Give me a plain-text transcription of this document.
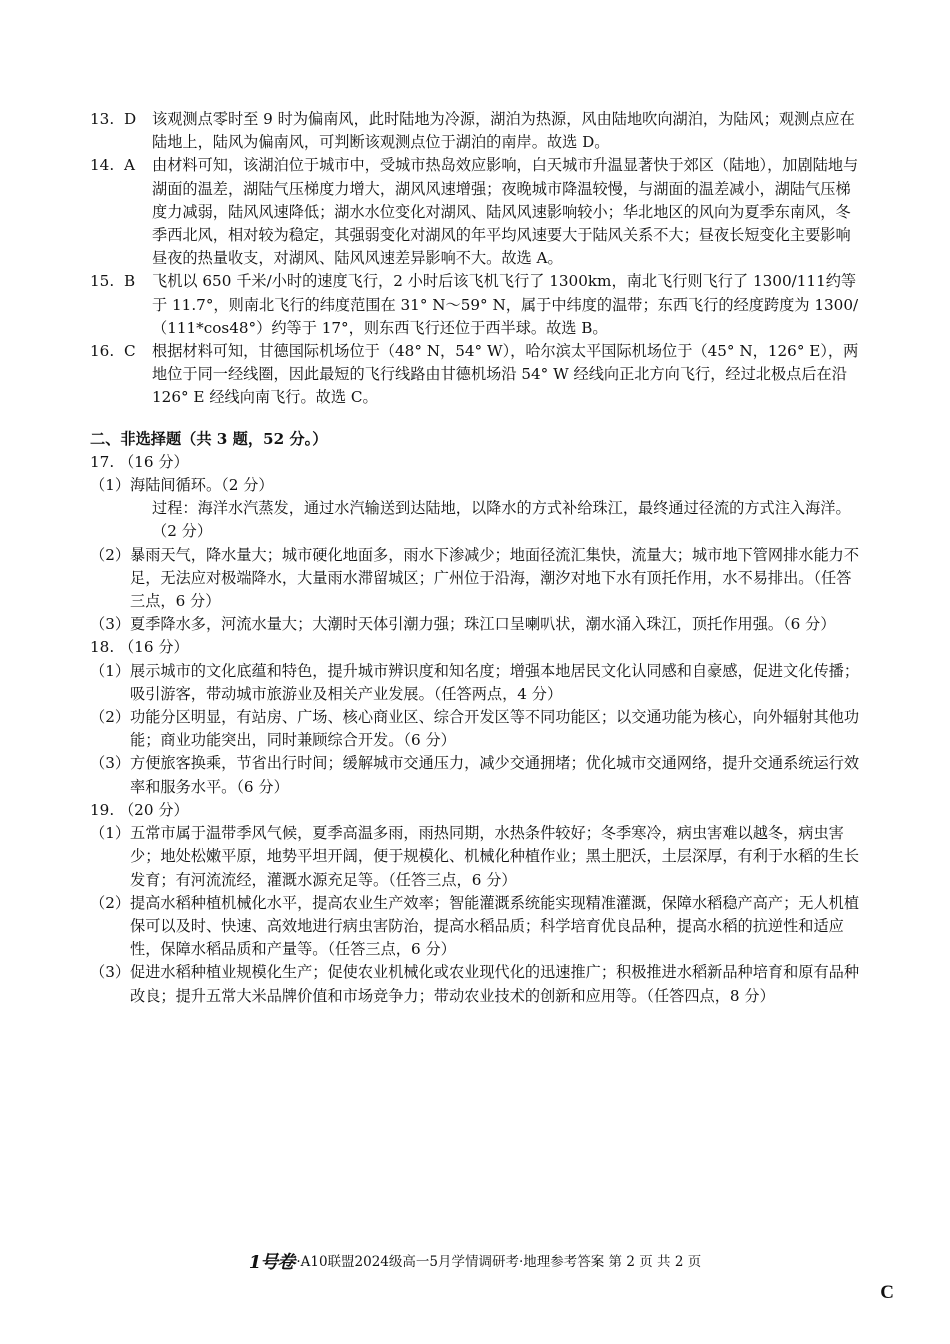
13. D 该观测点零时至 9 时为偏南风，此时陆地为冷源，湖泊为热源，风由陆地吹向湖泊，为陆风；观测点应在陆地上，陆风为偏南风，可判断该观测点位于湖泊的南岸。故选 D。
14. A 由材料可知，该湖泊位于城市中，受城市热岛效应影响，白天城市升温显著快于郊区（陆地），加剧陆地与湖面的温差，湖陆气压梯度力增大，湖风风速增强；夜晚城市降温较慢，与湖面的温差减小，湖陆气压梯度力减弱，陆风风速降低；湖水水位变化对湖风、陆风风速影响较小；华北地区的风向为夏季东南风，冬季西北风，相对较为稳定，其强弱变化对湖风的年平均风速要大于陆风关系不大；昼夜长短变化主要影响昼夜的热量收支，对湖风、陆风风速差异影响不大。故选 A。
15. B 飞机以 650 千米/小时的速度飞行，2 小时后该飞机飞行了 1300km，南北飞行则飞行了 1300/111约等于 11.7°，则南北飞行的纬度范围在 31° N～59° N，属于中纬度的温带；东西飞行的经度跨度为 1300/（111*cos48°）约等于 17°，则东西飞行还位于西半球。故选 B。
16. C 根据材料可知，甘德国际机场位于（48° N，54° W），哈尔滨太平国际机场位于（45° N，126° E），两地位于同一经线圈，因此最短的飞行线路由甘德机场沿 54° W 经线向正北方向飞行，经过北极点后在沿 126° E 经线向南飞行。故选 C。

二、非选择题（共 3 题，52 分。）

17. （16 分）

（1） 海陆间循环。（2 分）

过程：海洋水汽蒸发，通过水汽输送到达陆地，以降水的方式补给珠江，最终通过径流的方式注入海洋。（2 分）

（2） 暴雨天气，降水量大；城市硬化地面多，雨水下渗减少；地面径流汇集快，流量大；城市地下管网排水能力不足，无法应对极端降水，大量雨水滞留城区；广州位于沿海，潮汐对地下水有顶托作用，水不易排出。（任答三点，6 分）
（3） 夏季降水多，河流水量大；大潮时天体引潮力强；珠江口呈喇叭状，潮水涌入珠江，顶托作用强。（6 分）

18. （16 分）

（1） 展示城市的文化底蕴和特色，提升城市辨识度和知名度；增强本地居民文化认同感和自豪感，促进文化传播；吸引游客，带动城市旅游业及相关产业发展。（任答两点，4 分）
（2） 功能分区明显，有站房、广场、核心商业区、综合开发区等不同功能区；以交通功能为核心，向外辐射其他功能；商业功能突出，同时兼顾综合开发。（6 分）
（3） 方便旅客换乘，节省出行时间；缓解城市交通压力，减少交通拥堵；优化城市交通网络，提升交通系统运行效率和服务水平。（6 分）

19. （20 分）

（1） 五常市属于温带季风气候，夏季高温多雨，雨热同期，水热条件较好；冬季寒冷，病虫害难以越冬，病虫害少；地处松嫩平原，地势平坦开阔，便于规模化、机械化种植作业；黑土肥沃，土层深厚，有利于水稻的生长发育；有河流流经，灌溉水源充足等。（任答三点，6 分）
（2） 提高水稻种植机械化水平，提高农业生产效率；智能灌溉系统能实现精准灌溉，保障水稻稳产高产；无人机植保可以及时、快速、高效地进行病虫害防治，提高水稻品质；科学培育优良品种，提高水稻的抗逆性和适应性，保障水稻品质和产量等。（任答三点，6 分）
（3） 促进水稻种植业规模化生产；促使农业机械化或农业现代化的迅速推广；积极推进水稻新品种培育和原有品种改良；提升五常大米品牌价值和市场竞争力；带动农业技术的创新和应用等。（任答四点，8 分）
1号卷 ·A10联盟2024级高一5月学情调研考·地理参考答案 第 2 页 共 2 页
C
